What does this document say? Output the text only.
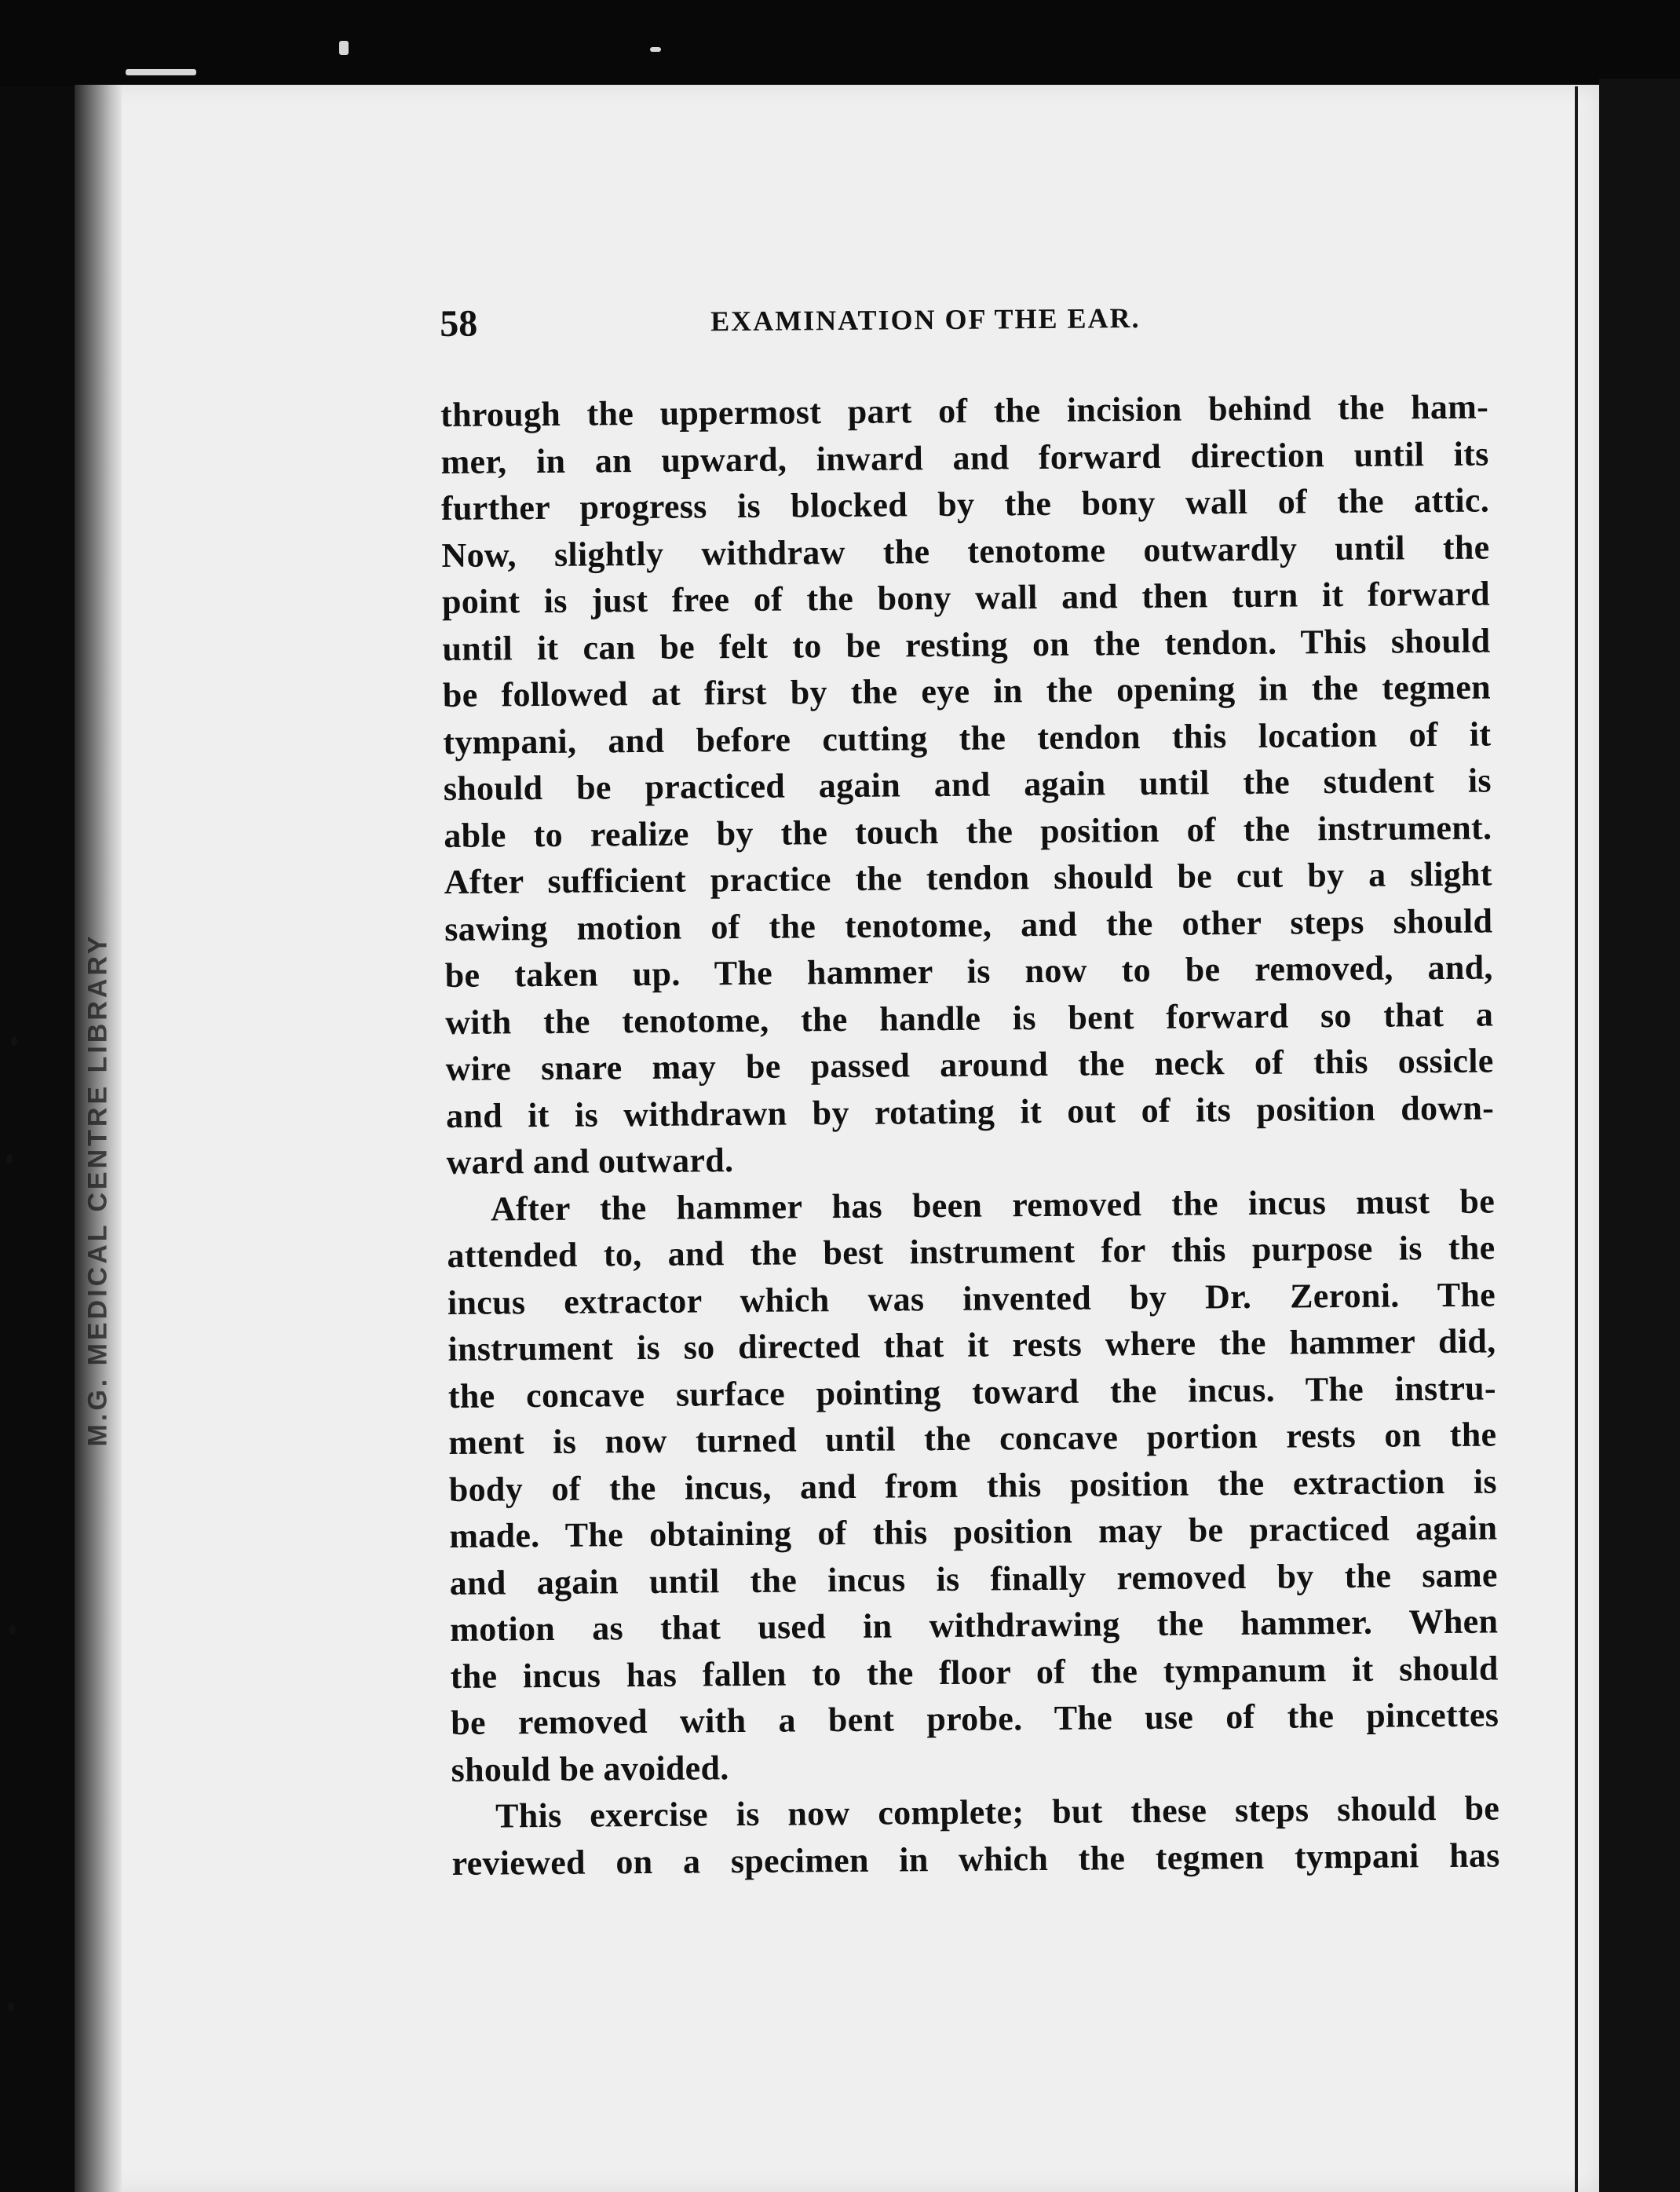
M.G. MEDICAL CENTRE LIBRARY
58	EXAMINATION OF THE EAR.
through the uppermost part of the incision behind the ham-
mer, in an upward, inward and forward direction until its
further progress is blocked by the bony wall of the attic.
Now, slightly withdraw the tenotome outwardly until the
point is just free of the bony wall and then turn it forward
until it can be felt to be resting on the tendon. This should
be followed at first by the eye in the opening in the tegmen
tympani, and before cutting the tendon this location of it
should be practiced again and again until the student is
able to realize by the touch the position of the instrument.
After sufficient practice the tendon should be cut by a slight
sawing motion of the tenotome, and the other steps should
be taken up. The hammer is now to be removed, and,
with the tenotome, the handle is bent forward so that a
wire snare may be passed around the neck of this ossicle
and it is withdrawn by rotating it out of its position down-
ward and outward.
After the hammer has been removed the incus must be
attended to, and the best instrument for this purpose is the
incus extractor which was invented by Dr. Zeroni. The
instrument is so directed that it rests where the hammer did,
the concave surface pointing toward the incus. The instru-
ment is now turned until the concave portion rests on the
body of the incus, and from this position the extraction is
made. The obtaining of this position may be practiced again
and again until the incus is finally removed by the same
motion as that used in withdrawing the hammer. When
the incus has fallen to the floor of the tympanum it should
be removed with a bent probe. The use of the pincettes
should be avoided.
This exercise is now complete; but these steps should be
reviewed on a specimen in which the tegmen tympani has
